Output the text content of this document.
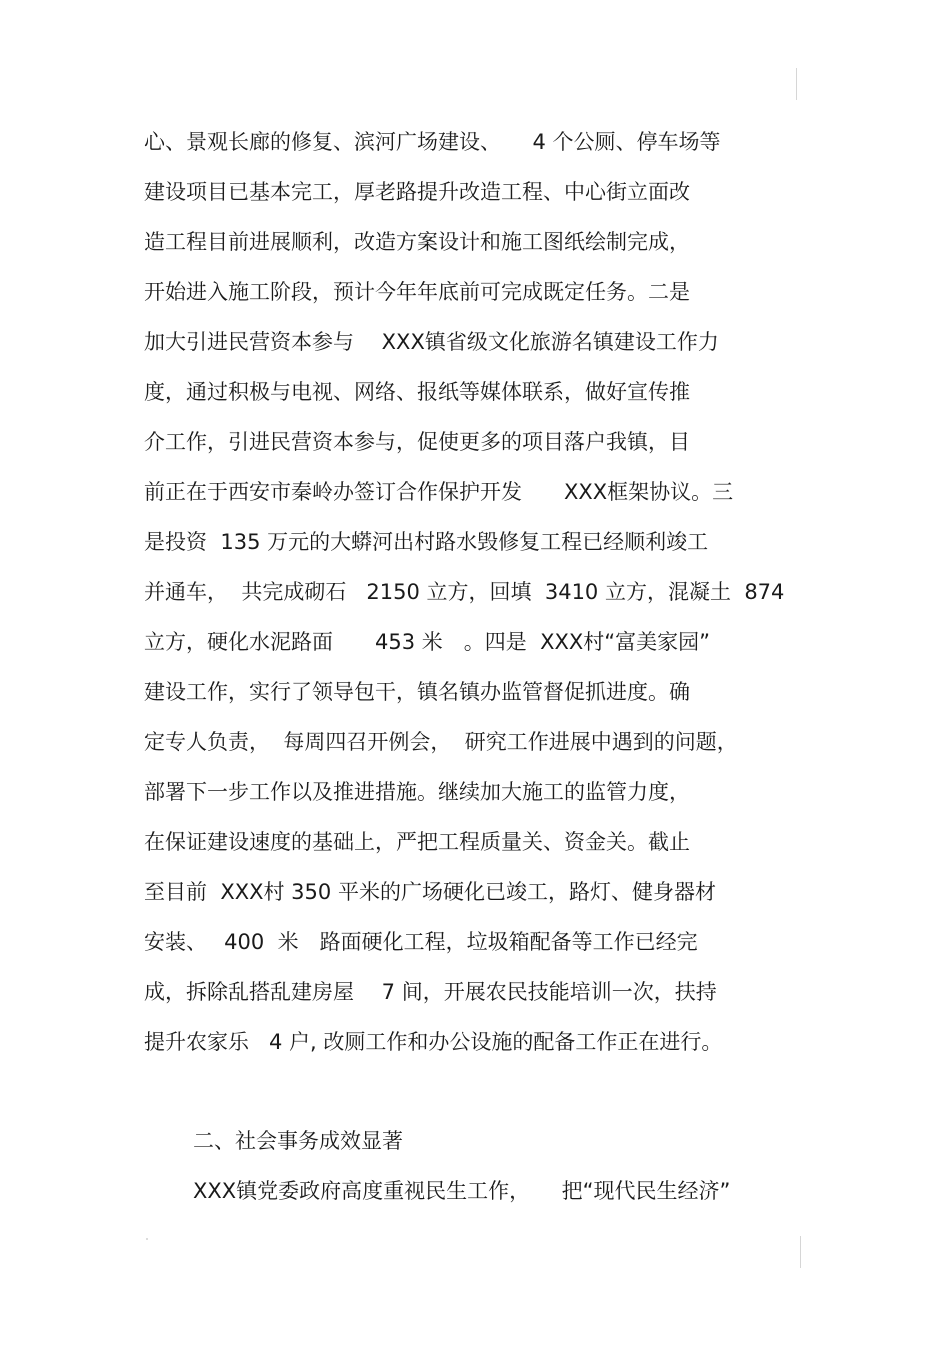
心、景观长廊的修复、滨河广场建设、　　4 个公厕、停车场等
建设项目已基本完工，厚老路提升改造工程、中心街立面改
造工程目前进展顺利，改造方案设计和施工图纸绘制完成，
开始进入施工阶段，预计今年年底前可完成既定任务。二是
加大引进民营资本参与　 XXX镇省级文化旅游名镇建设工作力
度，通过积极与电视、网络、报纸等媒体联系，做好宣传推
介工作，引进民营资本参与，促使更多的项目落户我镇，目
前正在于西安市秦岭办签订合作保护开发　　XXX框架协议。三
是投资  135 万元的大蟒河出村路水毁修复工程已经顺利竣工
并通车，  共完成砌石   2150 立方，回填  3410 立方，混凝土  874
立方，硬化水泥路面　　453 米　。四是  XXX村“富美家园”
建设工作，实行了领导包干，镇名镇办监管督促抓进度。确
定专人负责，  每周四召开例会，  研究工作进展中遇到的问题，
部署下一步工作以及推进措施。继续加大施工的监管力度，
在保证建设速度的基础上，严把工程质量关、资金关。截止
至目前  XXX村 350 平米的广场硬化已竣工，路灯、健身器材
安装、　 400  米　路面硬化工程，垃圾箱配备等工作已经完
成，拆除乱搭乱建房屋　 7 间，开展农民技能培训一次，扶持
提升农家乐   4 户, 改厕工作和办公设施的配备工作正在进行。
二、社会事务成效显著
XXX镇党委政府高度重视民生工作，　　把“现代民生经济”
